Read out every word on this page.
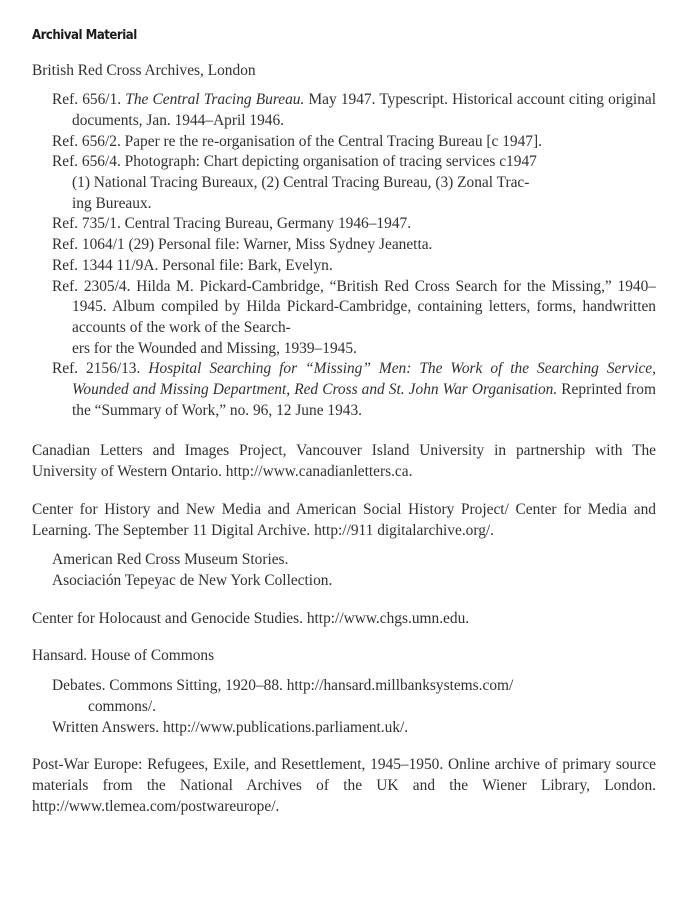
Archival Material
British Red Cross Archives, London
Ref. 656/1. The Central Tracing Bureau. May 1947. Typescript. Historical account citing original documents, Jan. 1944–April 1946.
Ref. 656/2. Paper re the re-organisation of the Central Tracing Bureau [c 1947].
Ref. 656/4. Photograph: Chart depicting organisation of tracing services c1947
(1) National Tracing Bureaux, (2) Central Tracing Bureau, (3) Zonal Trac-
ing Bureaux.
Ref. 735/1. Central Tracing Bureau, Germany 1946–1947.
Ref. 1064/1 (29) Personal file: Warner, Miss Sydney Jeanetta.
Ref. 1344 11/9A. Personal file: Bark, Evelyn.
Ref. 2305/4. Hilda M. Pickard-Cambridge, “British Red Cross Search for the Missing,” 1940–1945. Album compiled by Hilda Pickard-Cambridge, containing letters, forms, handwritten accounts of the work of the Search-
ers for the Wounded and Missing, 1939–1945.
Ref. 2156/13. Hospital Searching for “Missing” Men: The Work of the Searching Service, Wounded and Missing Department, Red Cross and St. John War Organisation. Reprinted from the “Summary of Work,” no. 96, 12 June 1943.
Canadian Letters and Images Project, Vancouver Island University in partnership with The University of Western Ontario. http://www.canadianletters.ca.
Center for History and New Media and American Social History Project/ Center for Media and Learning. The September 11 Digital Archive. http://911 digitalarchive.org/.
American Red Cross Museum Stories.
Asociación Tepeyac de New York Collection.
Center for Holocaust and Genocide Studies. http://www.chgs.umn.edu.
Hansard. House of Commons
Debates. Commons Sitting, 1920–88. http://hansard.millbanksystems.com/
commons/.
Written Answers. http://www.publications.parliament.uk/.
Post-War Europe: Refugees, Exile, and Resettlement, 1945–1950. Online archive of primary source materials from the National Archives of the UK and the Wiener Library, London. http://www.tlemea.com/postwareurope/.
